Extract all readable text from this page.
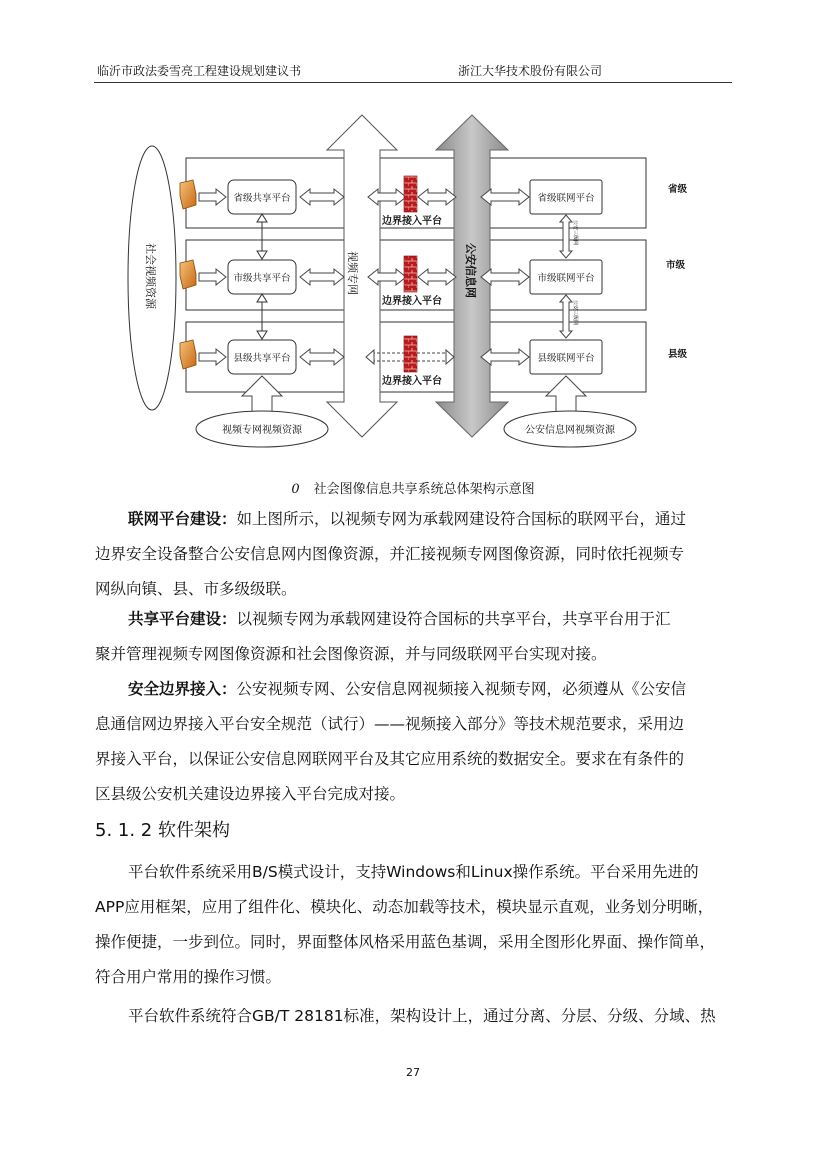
临沂市政法委雪亮工程建设规划建议书	浙江大华技术股份有限公司
社会视频资源	视频专网	公安信息网
省级共享平台
市级共享平台
县级共享平台
边界接入平台
边界接入平台
边界接入平台
省级联网平台
市级联网平台
县级联网平台
公安三级网
公安三级网
省级
市级
县级
视频专网视频资源	公安信息网视频资源
0 社会图像信息共享系统总体架构示意图
联网平台建设：如上图所示，以视频专网为承载网建设符合国标的联网平台，通过
边界安全设备整合公安信息网内图像资源，并汇接视频专网图像资源，同时依托视频专
网纵向镇、县、市多级级联。
共享平台建设：以视频专网为承载网建设符合国标的共享平台，共享平台用于汇
聚并管理视频专网图像资源和社会图像资源，并与同级联网平台实现对接。
安全边界接入：公安视频专网、公安信息网视频接入视频专网，必须遵从《公安信
息通信网边界接入平台安全规范（试行）——视频接入部分》等技术规范要求，采用边
界接入平台，以保证公安信息网联网平台及其它应用系统的数据安全。要求在有条件的
区县级公安机关建设边界接入平台完成对接。
5. 1. 2 软件架构
平台软件系统采用B/S模式设计，支持Windows和Linux操作系统。平台采用先进的
APP应用框架，应用了组件化、模块化、动态加载等技术，模块显示直观，业务划分明晰，
操作便捷，一步到位。同时，界面整体风格采用蓝色基调，采用全图形化界面、操作简单，
符合用户常用的操作习惯。
平台软件系统符合GB/T 28181标准，架构设计上，通过分离、分层、分级、分域、热
27
